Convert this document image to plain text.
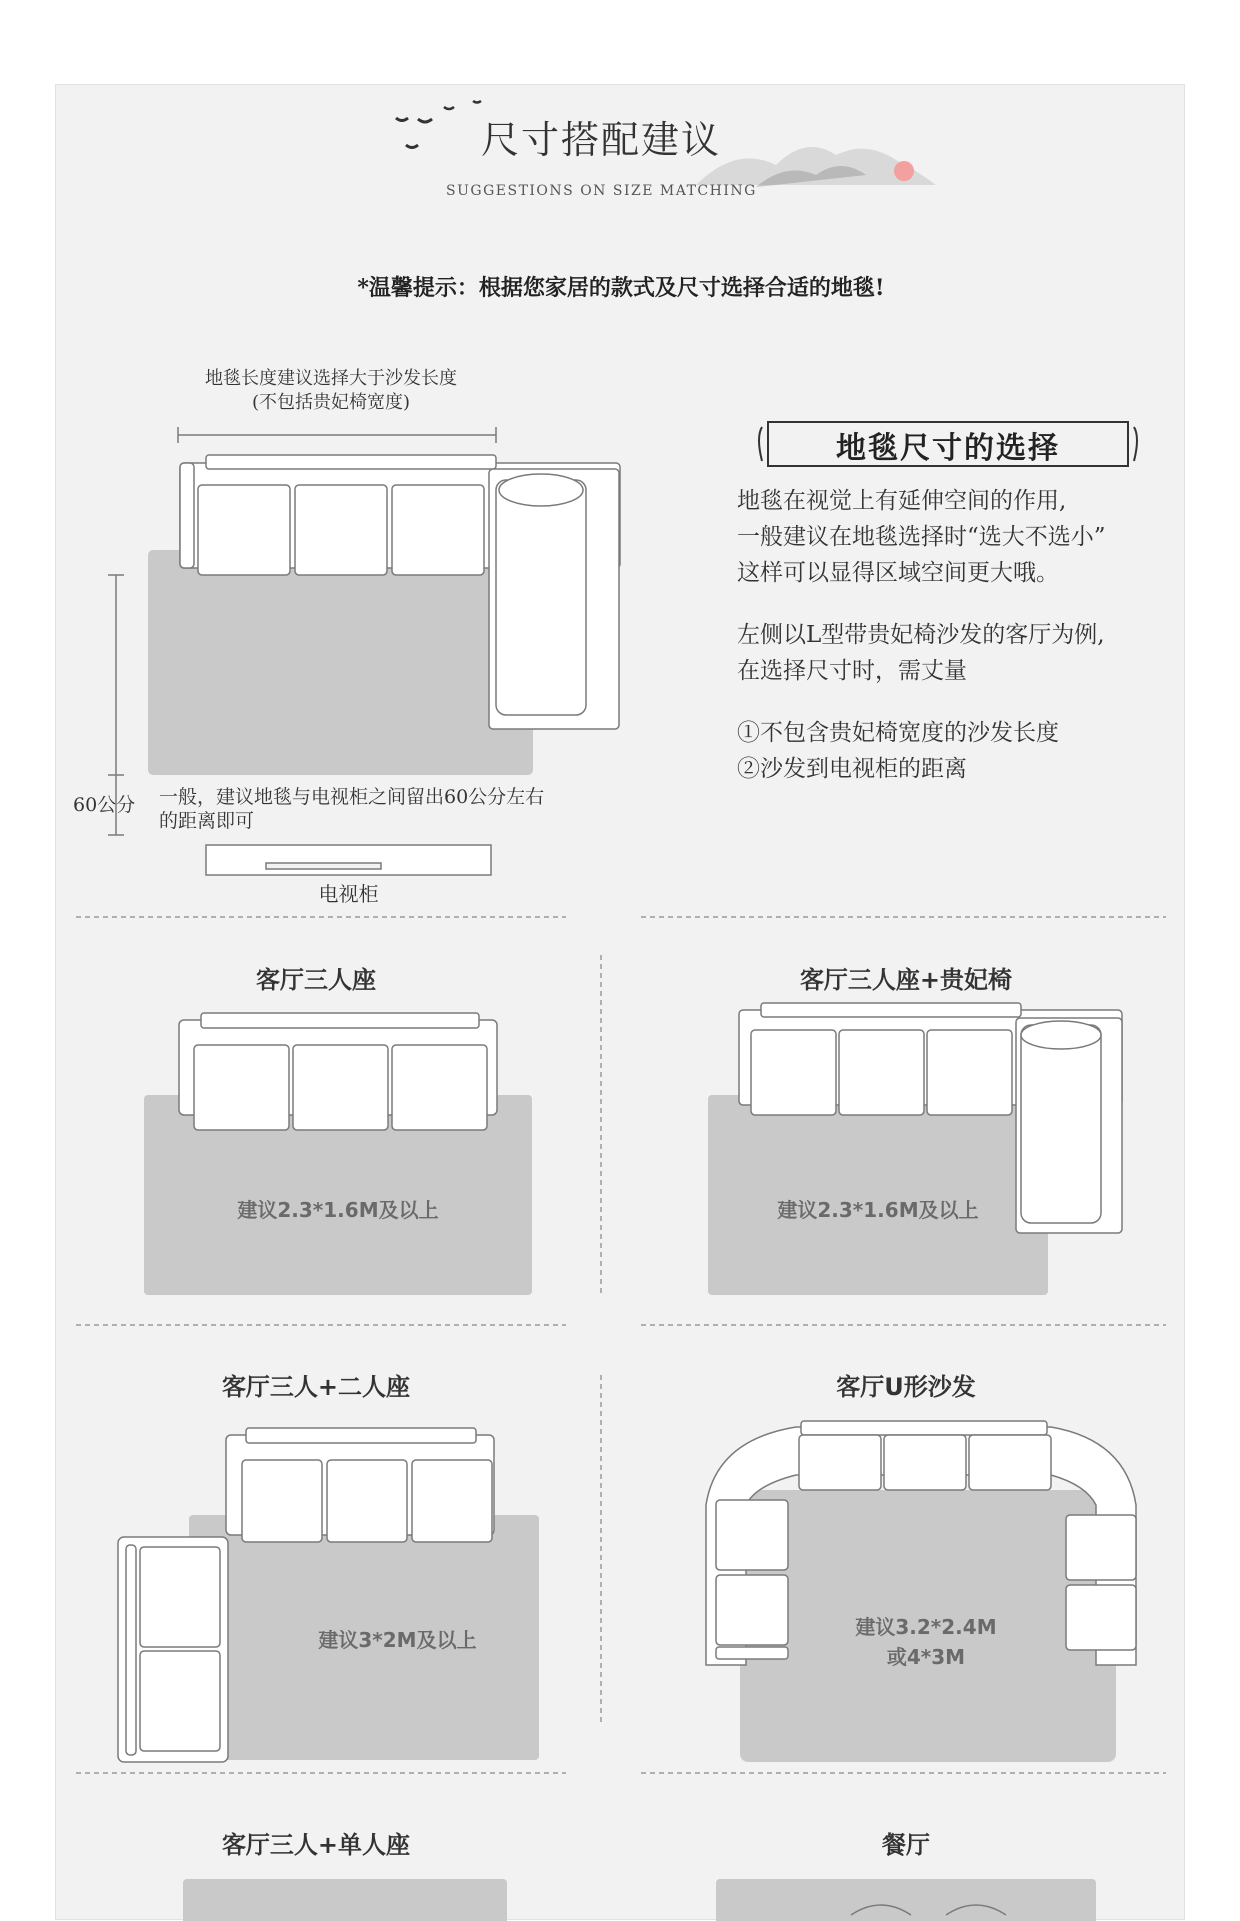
尺寸搭配建议
SUGGESTIONS ON SIZE MATCHING
*温馨提示：根据您家居的款式及尺寸选择合适的地毯!
地毯长度建议选择大于沙发长度
(不包括贵妃椅宽度)
60公分 一般，建议地毯与电视柜之间留出60公分左右
的距离即可
电视柜
地毯尺寸的选择
地毯在视觉上有延伸空间的作用,
一般建议在地毯选择时“选大不选小”
这样可以显得区域空间更大哦。
左侧以L型带贵妃椅沙发的客厅为例,
在选择尺寸时，需丈量
①不包含贵妃椅宽度的沙发长度
②沙发到电视柜的距离
客厅三人座
建议2.3*1.6M及以上
客厅三人座+贵妃椅
建议2.3*1.6M及以上
客厅三人+二人座
建议3*2M及以上
客厅U形沙发
建议3.2*2.4M
或4*3M
客厅三人+单人座	餐厅
